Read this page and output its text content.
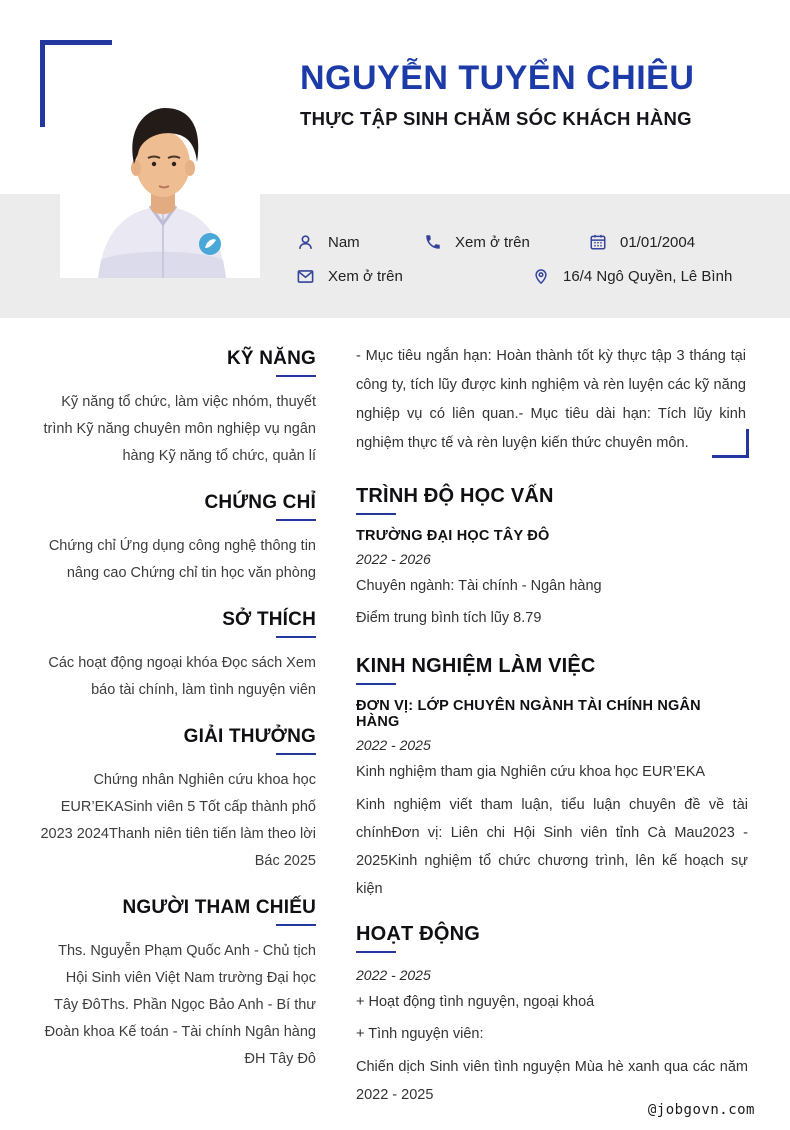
NGUYỄN TUYỂN CHIÊU
THỰC TẬP SINH CHĂM SÓC KHÁCH HÀNG
Nam	Xem ở trên	01/01/2004
Xem ở trên	16/4 Ngô Quyền, Lê Bình
KỸ NĂNG
Kỹ năng tổ chức, làm việc nhóm, thuyết trình Kỹ năng chuyên môn nghiệp vụ ngân hàng Kỹ năng tổ chức, quản lí
CHỨNG CHỈ
Chứng chỉ Ứng dụng công nghệ thông tin nâng cao Chứng chỉ tin học văn phòng
SỞ THÍCH
Các hoạt động ngoại khóa Đọc sách Xem báo tài chính, làm tình nguyện viên
GIẢI THƯỞNG
Chứng nhân Nghiên cứu khoa học EUR’EKASinh viên 5 Tốt cấp thành phố 2023 2024Thanh niên tiên tiến làm theo lời Bác 2025
NGƯỜI THAM CHIẾU
Ths. Nguyễn Phạm Quốc Anh - Chủ tịch Hội Sinh viên Việt Nam trường Đại học Tây ĐôThs. Phần Ngọc Bảo Anh - Bí thư Đoàn khoa Kế toán - Tài chính Ngân hàng ĐH Tây Đô
- Mục tiêu ngắn hạn: Hoàn thành tốt kỳ thực tập 3 tháng tại công ty, tích lũy được kinh nghiệm và rèn luyện các kỹ năng nghiệp vụ có liên quan.- Mục tiêu dài hạn: Tích lũy kinh nghiệm thực tế và rèn luyện kiến thức chuyên môn.
TRÌNH ĐỘ HỌC VẤN
TRƯỜNG ĐẠI HỌC TÂY ĐÔ
2022 - 2026
Chuyên ngành: Tài chính - Ngân hàng
Điểm trung bình tích lũy 8.79
KINH NGHIỆM LÀM VIỆC
ĐƠN VỊ: LỚP CHUYÊN NGÀNH TÀI CHÍNH NGÂN HÀNG
2022 - 2025
Kinh nghiệm tham gia Nghiên cứu khoa học EUR’EKA
Kinh nghiệm viết tham luận, tiểu luận chuyên đề về tài chínhĐơn vị: Liên chi Hội Sinh viên tỉnh Cà Mau2023 - 2025Kinh nghiệm tổ chức chương trình, lên kế hoạch sự kiện
HOẠT ĐỘNG
2022 - 2025
+ Hoạt động tình nguyện, ngoại khoá
+ Tình nguyện viên:
Chiến dịch Sinh viên tình nguyện Mùa hè xanh qua các năm 2022 - 2025
@jobgovn.com
